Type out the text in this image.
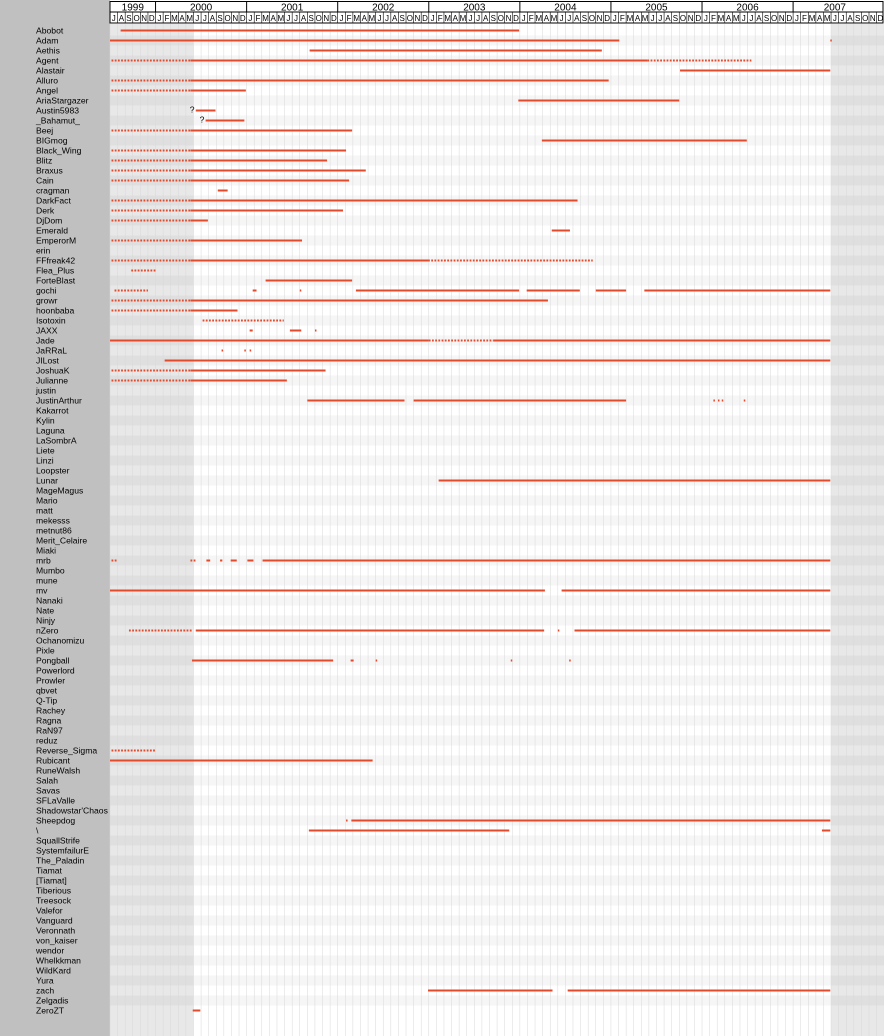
1999	2000	2001	2002	2003	2004	2005	2006	2007
J A S O N D J F M A M J J A S O N D J F M A M J J A S O N D J F M A M J J A S O N D J F M A M J J A S O N D J F M A M J J A S O N D J F M A M J J A S O N D J F M A M J J A S O N D J F M A M J J A S O N D
Abobot
Adam
Aethis
Agent
Alastair
Alluro
Angel
AriaStargazer
Austin5983	?
_Bahamut_	?
Beej
BIGmog
Black_Wing
Blitz
Braxus
Cain
cragman
DarkFact
Derk
DjDom
Emerald
EmperorM
erin
FFfreak42
Flea_Plus
ForteBlast
gochi
growr
hoonbaba
Isotoxin
JAXX
Jade
JaRRaL
JILost
JoshuaK
Julianne
justin
JustinArthur
Kakarrot
Kylin
Laguna
LaSombrA
Liete
Linzi
Loopster
Lunar
MageMagus
Mario
matt
mekesss
metnut86
Merit_Celaire
Miaki
mrb
Mumbo
mune
mv
Nanaki
Nate
Ninjy
nZero
Ochanomizu
Pixle
Pongball
Powerlord
Prowler
qbvet
Q-Tip
Rachey
Ragna
RaN97
reduz
Reverse_Sigma
Rubicant
RuneWalsh
Salah
Savas
SFLaValle
Shadowstar'Chaos
Sheepdog
\
SquallStrife
SystemfailurE
The_Paladin
Tiamat
[Tiamat]
Tiberious
Treesock
Valefor
Vanguard
Veronnath
von_kaiser
wendor
Whelkkman
WildKard
Yura
zach
Zelgadis
ZeroZT
